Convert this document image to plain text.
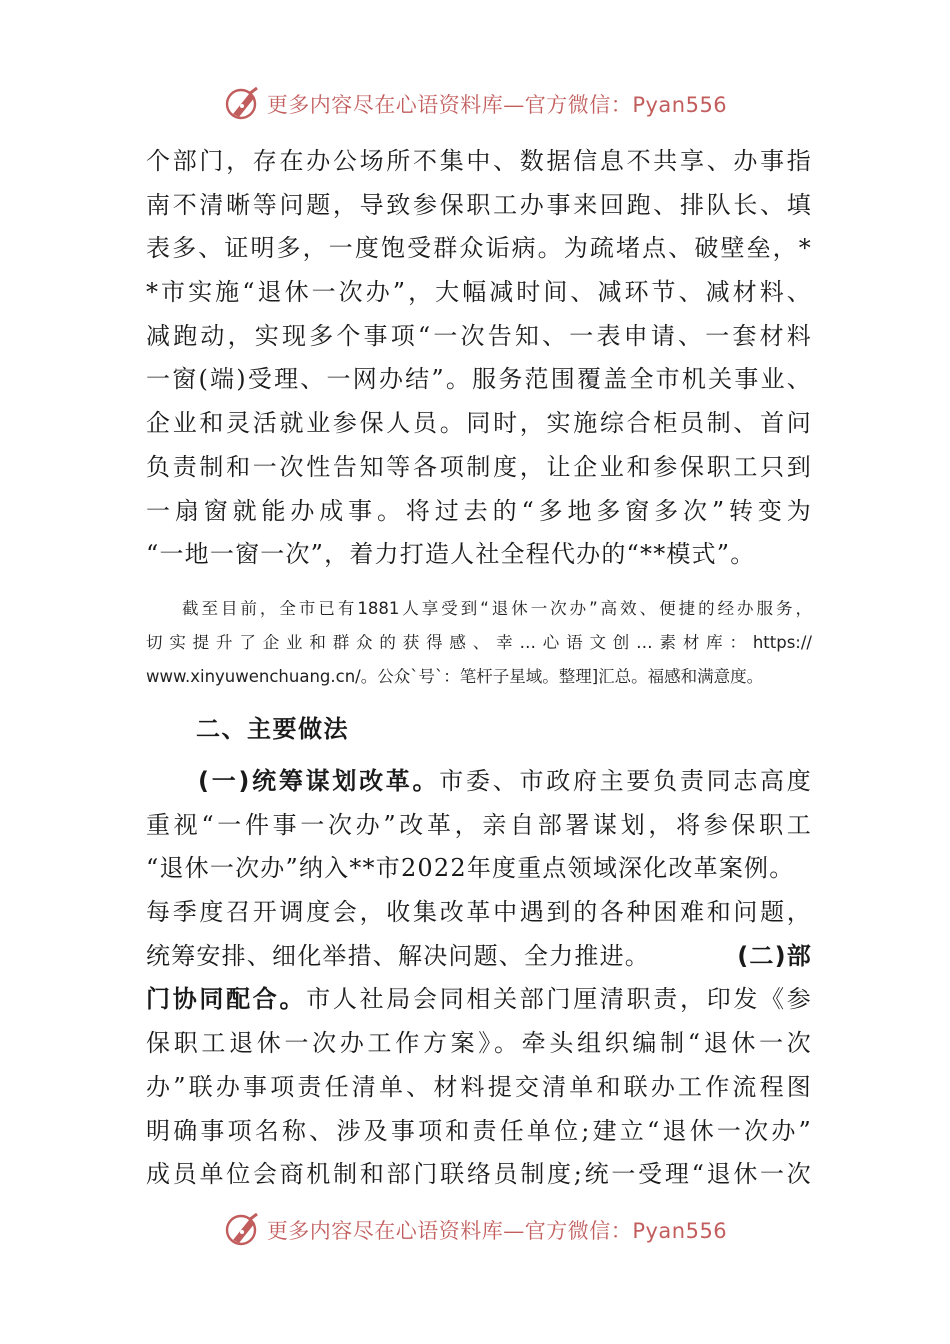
更多内容尽在心语资料库—官方微信：Pyan556
个部门，存在办公场所不集中、数据信息不共享、办事指
南不清晰等问题，导致参保职工办事来回跑、排队长、填
表多、证明多，一度饱受群众诟病。为疏堵点、破壁垒，*
*市实施“退休一次办”，大幅减时间、减环节、减材料、
减跑动，实现多个事项“一次告知、一表申请、一套材料
一窗(端)受理、一网办结”。服务范围覆盖全市机关事业、
企业和灵活就业参保人员。同时，实施综合柜员制、首问
负责制和一次性告知等各项制度，让企业和参保职工只到
一扇窗就能办成事。将过去的“多地多窗多次”转变为
“一地一窗一次”，着力打造人社全程代办的“**模式”。
截至目前，全市已有1881人享受到“退休一次办”高效、便捷的经办服务，
切实提升了企业和群众的获得感、幸…心语文创…素材库：https://
www.xinyuwenchuang.cn/。公众`号`：笔杆子星域。整理]汇总。福感和满意度。
二、主要做法
(一)统筹谋划改革。市委、市政府主要负责同志高度
重视“一件事一次办”改革，亲自部署谋划，将参保职工
“退休一次办”纳入**市2022年度重点领域深化改革案例。
每季度召开调度会，收集改革中遇到的各种困难和问题，
统筹安排、细化举措、解决问题、全力推进。	(二)部
门协同配合。市人社局会同相关部门厘清职责，印发《参
保职工退休一次办工作方案》。牵头组织编制“退休一次
办”联办事项责任清单、材料提交清单和联办工作流程图
明确事项名称、涉及事项和责任单位;建立“退休一次办”
成员单位会商机制和部门联络员制度;统一受理“退休一次
更多内容尽在心语资料库—官方微信：Pyan556
